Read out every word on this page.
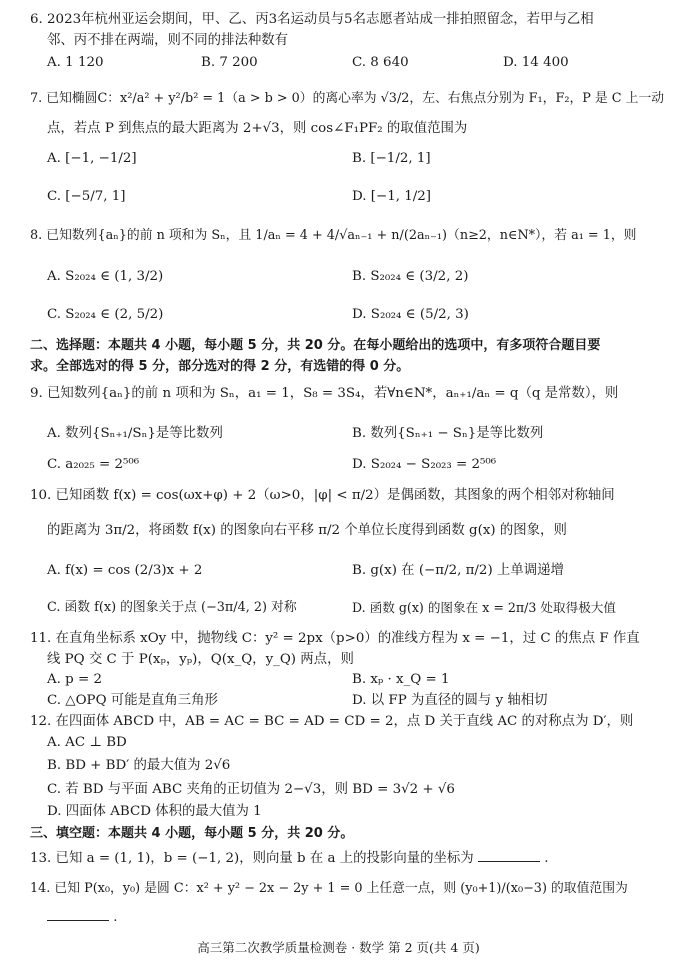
6. 2023年杭州亚运会期间，甲、乙、丙3名运动员与5名志愿者站成一排拍照留念，若甲与乙相
邻、丙不排在两端，则不同的排法种数有
A. 1 120	B. 7 200	C. 8 640	D. 14 400
7. 已知椭圆C：x²/a² + y²/b² = 1（a > b > 0）的离心率为 √3/2，左、右焦点分别为 F₁，F₂，P 是 C 上一动
点，若点 P 到焦点的最大距离为 2+√3，则 cos∠F₁PF₂ 的取值范围为
A. [−1, −1/2]	B. [−1/2, 1]
C. [−5/7, 1]	D. [−1, 1/2]
8. 已知数列{aₙ}的前 n 项和为 Sₙ，且 1/aₙ = 4 + 4/√aₙ₋₁ + n/(2aₙ₋₁)（n≥2，n∈N*），若 a₁ = 1，则
A. S₂₀₂₄ ∈ (1, 3/2)	B. S₂₀₂₄ ∈ (3/2, 2)
C. S₂₀₂₄ ∈ (2, 5/2)	D. S₂₀₂₄ ∈ (5/2, 3)
二、选择题：本题共 4 小题，每小题 5 分，共 20 分。在每小题给出的选项中，有多项符合题目要
求。全部选对的得 5 分，部分选对的得 2 分，有选错的得 0 分。
9. 已知数列{aₙ}的前 n 项和为 Sₙ，a₁ = 1，S₈ = 3S₄，若∀n∈N*，aₙ₊₁/aₙ = q（q 是常数），则
A. 数列{Sₙ₊₁/Sₙ}是等比数列	B. 数列{Sₙ₊₁ − Sₙ}是等比数列
C. a₂₀₂₅ = 2⁵⁰⁶	D. S₂₀₂₄ − S₂₀₂₃ = 2⁵⁰⁶
10. 已知函数 f(x) = cos(ωx+φ) + 2（ω>0，|φ| < π/2）是偶函数，其图象的两个相邻对称轴间
的距离为 3π/2，将函数 f(x) 的图象向右平移 π/2 个单位长度得到函数 g(x) 的图象，则
A. f(x) = cos (2/3)x + 2	B. g(x) 在 (−π/2, π/2) 上单调递增
C. 函数 f(x) 的图象关于点 (−3π/4, 2) 对称	D. 函数 g(x) 的图象在 x = 2π/3 处取得极大值
11. 在直角坐标系 xOy 中，抛物线 C：y² = 2px（p>0）的准线方程为 x = −1，过 C 的焦点 F 作直
线 PQ 交 C 于 P(xₚ，yₚ)，Q(x_Q，y_Q) 两点，则
A. p = 2	B. xₚ · x_Q = 1
C. △OPQ 可能是直角三角形	D. 以 FP 为直径的圆与 y 轴相切
12. 在四面体 ABCD 中，AB = AC = BC = AD = CD = 2，点 D 关于直线 AC 的对称点为 D′，则
A. AC ⊥ BD
B. BD + BD′ 的最大值为 2√6
C. 若 BD 与平面 ABC 夹角的正切值为 2−√3，则 BD = 3√2 + √6
D. 四面体 ABCD 体积的最大值为 1
三、填空题：本题共 4 小题，每小题 5 分，共 20 分。
13. 已知 a = (1, 1)，b = (−1, 2)，则向量 b 在 a 上的投影向量的坐标为	.
14. 已知 P(x₀，y₀) 是圆 C：x² + y² − 2x − 2y + 1 = 0 上任意一点，则 (y₀+1)/(x₀−3) 的取值范围为
.
高三第二次教学质量检测卷 · 数学 第 2 页(共 4 页)
